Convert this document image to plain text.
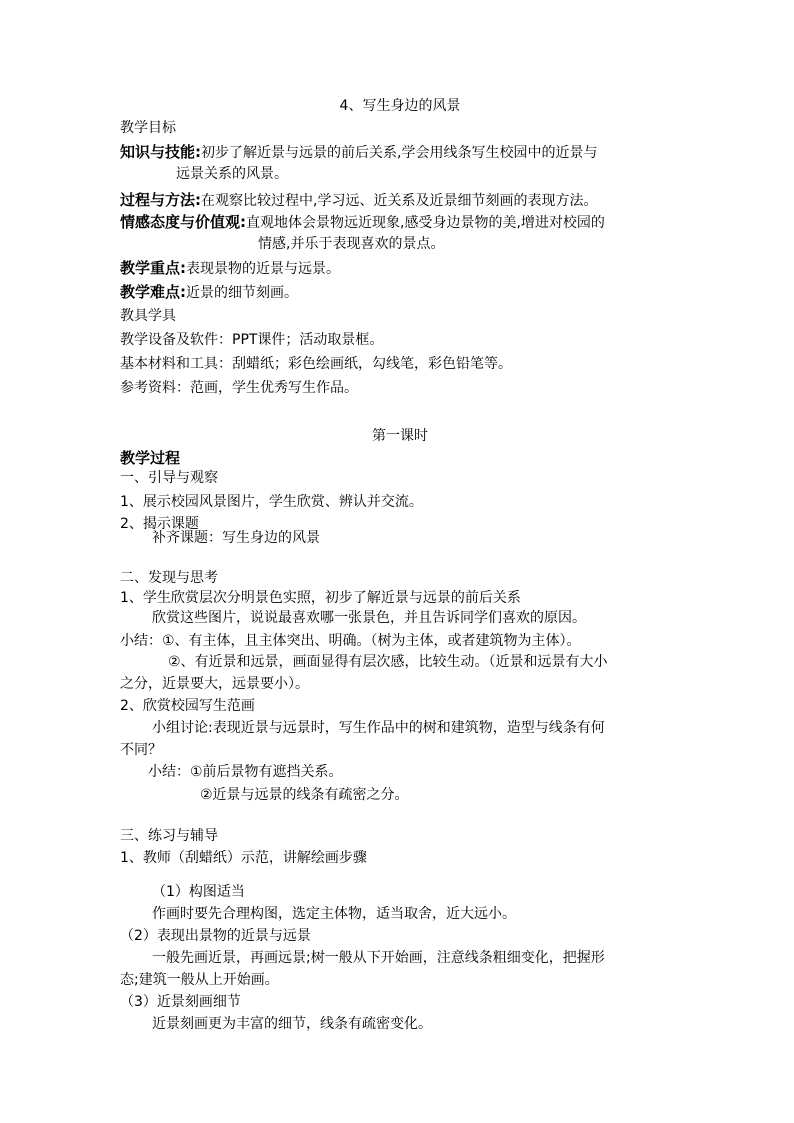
4、写生身边的风景
教学目标
知识与技能:初步了解近景与远景的前后关系,学会用线条写生校园中的近景与
远景关系的风景。
过程与方法:在观察比较过程中,学习远、近关系及近景细节刻画的表现方法。
情感态度与价值观:直观地体会景物远近现象,感受身边景物的美,增进对校园的
情感,并乐于表现喜欢的景点。
教学重点:表现景物的近景与远景。
教学难点:近景的细节刻画。
教具学具
教学设备及软件：PPT课件；活动取景框。
基本材料和工具：刮蜡纸；彩色绘画纸，勾线笔，彩色铅笔等。
参考资料：范画，学生优秀写生作品。
第一课时
教学过程
一、引导与观察
1、展示校园风景图片，学生欣赏、辨认并交流。
2、揭示课题
补齐课题：写生身边的风景
二、发现与思考
1、学生欣赏层次分明景色实照，初步了解近景与远景的前后关系
欣赏这些图片，说说最喜欢哪一张景色，并且告诉同学们喜欢的原因。
小结：①、有主体，且主体突出、明确。（树为主体，或者建筑物为主体）。
②、有近景和远景，画面显得有层次感，比较生动。（近景和远景有大小
之分，近景要大，远景要小）。
2、欣赏校园写生范画
小组讨论:表现近景与远景时，写生作品中的树和建筑物，造型与线条有何
不同？
小结：①前后景物有遮挡关系。
②近景与远景的线条有疏密之分。
三、练习与辅导
1、教师（刮蜡纸）示范，讲解绘画步骤
（1）构图适当
作画时要先合理构图，选定主体物，适当取舍，近大远小。
（2）表现出景物的近景与远景
一般先画近景，再画远景;树一般从下开始画，注意线条粗细变化，把握形
态;建筑一般从上开始画。
（3）近景刻画细节
近景刻画更为丰富的细节，线条有疏密变化。
